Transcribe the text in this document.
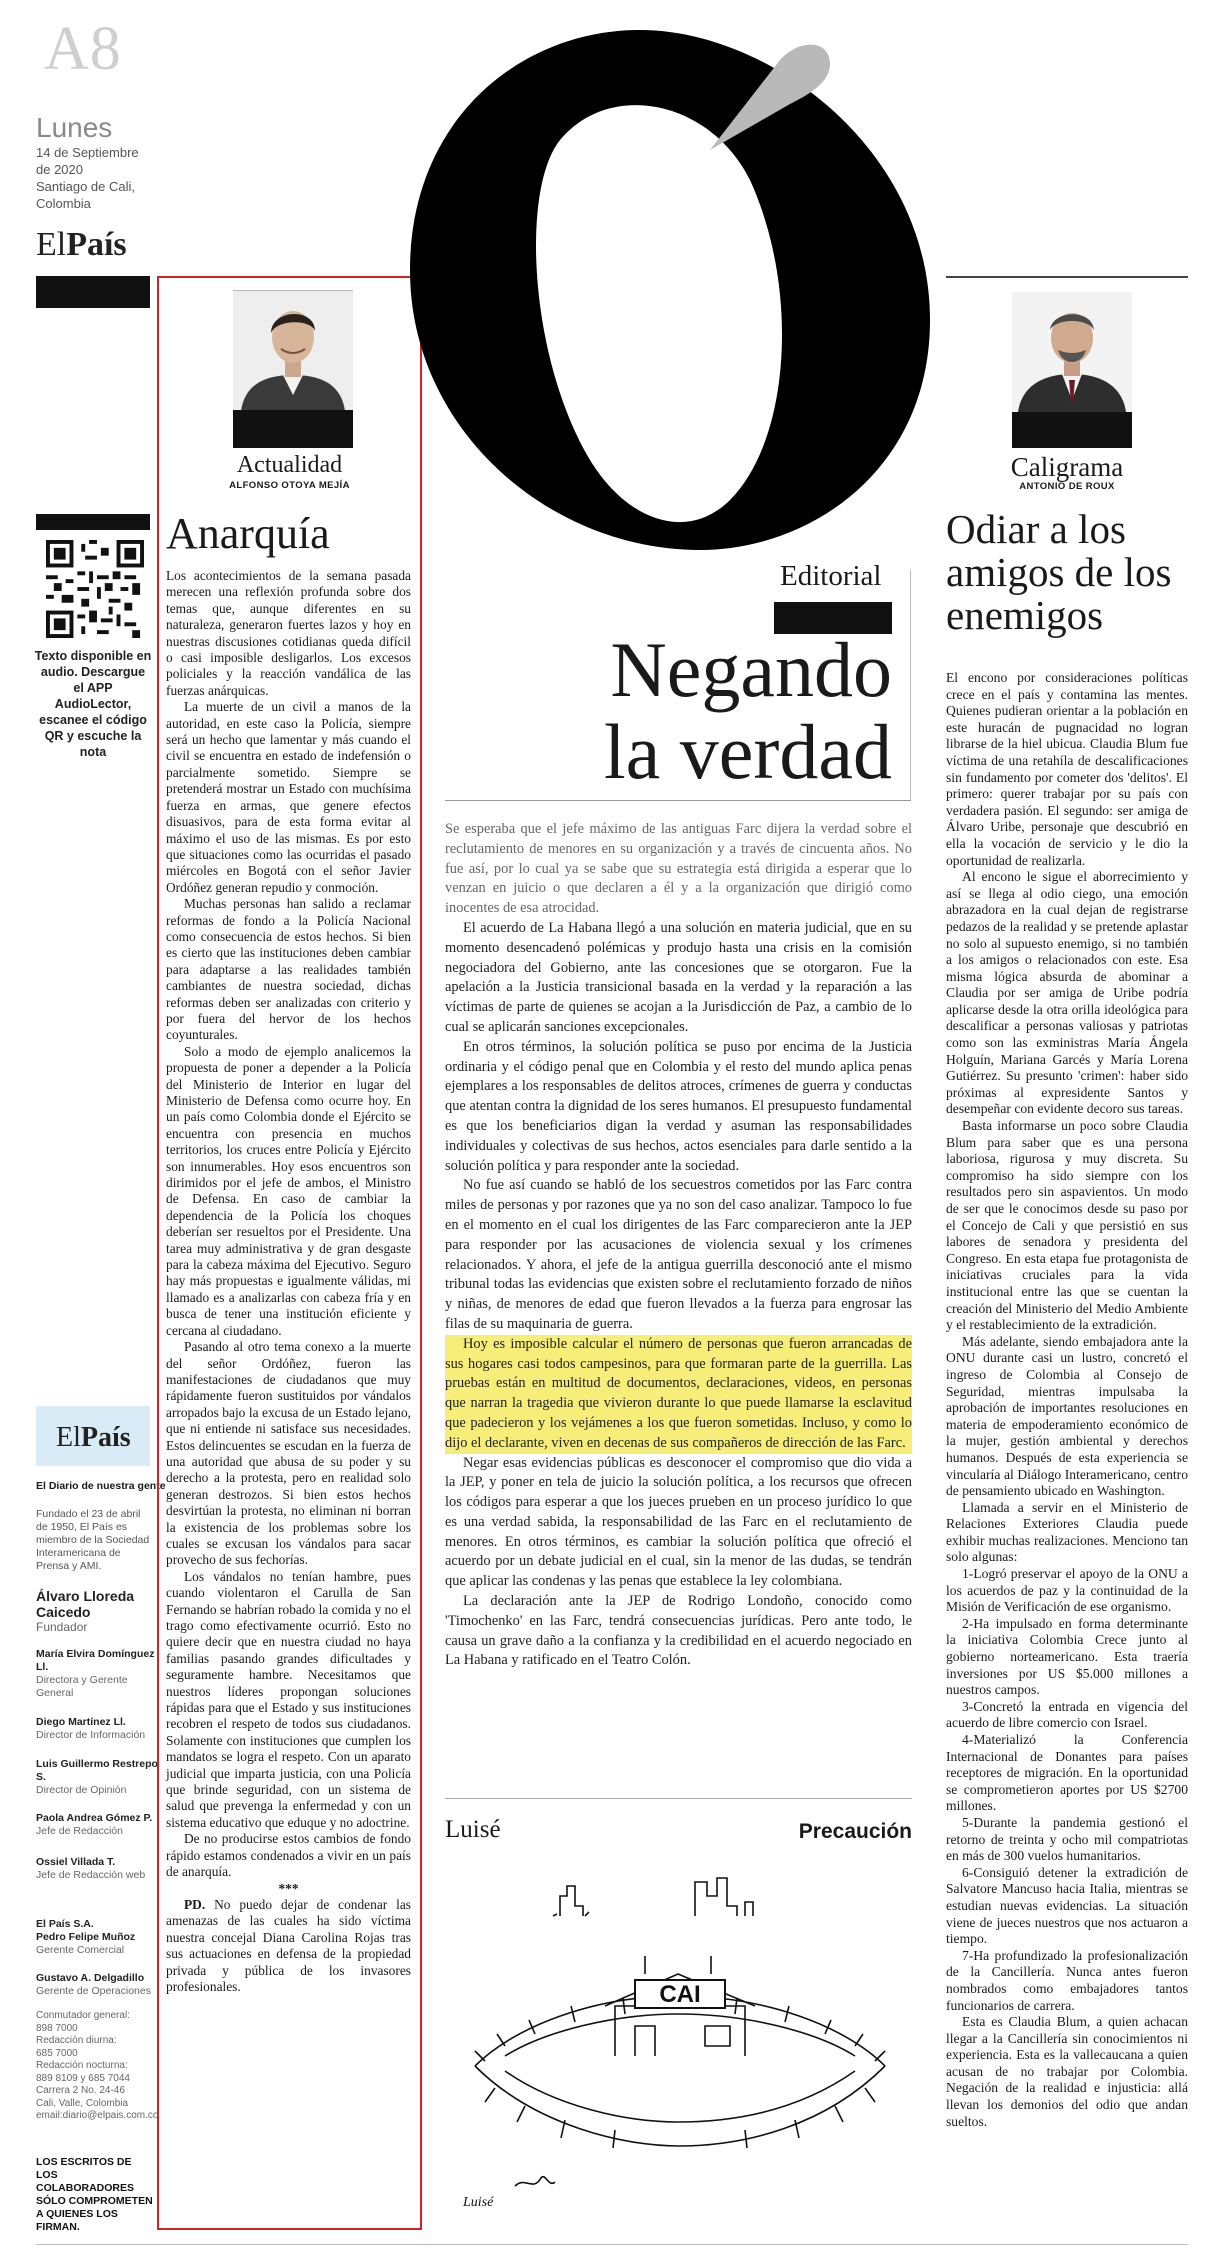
A8
Lunes
14 de Septiembre
de 2020
Santiago de Cali,
Colombia
ElPaís
Texto disponible en audio. Descargue el APP AudioLector, escanee el código QR y escuche la nota
ElPaís
El Diario de nuestra gente
Fundado el 23 de abril de 1950, El País es miembro de la Sociedad Interamericana de Prensa y AMI.
Álvaro Lloreda Caicedo
Fundador
María Elvira Domínguez Ll.
Directora y Gerente General
Diego Martínez Ll.
Director de Información
Luis Guillermo Restrepo S.
Director de Opinión
Paola Andrea Gómez P.
Jefe de Redacción
Ossiel Villada T.
Jefe de Redacción web
El País S.A.
Pedro Felipe Muñoz
Gerente Comercial
Gustavo A. Delgadillo
Gerente de Operaciones
Conmutador general:
898 7000
Redacción diurna:
685 7000
Redacción nocturna:
889 8109 y 685 7044
Carrera 2 No. 24-46
Cali, Valle, Colombia
email:diario@elpais.com.co
LOS ESCRITOS DE LOS COLABORADORES SÓLO COMPROMETEN A QUIENES LOS FIRMAN.
Actualidad
ALFONSO OTOYA MEJÍA
Anarquía

Los acontecimientos de la semana pasada merecen una reflexión profunda sobre dos temas que, aunque diferentes en su naturaleza, generaron fuertes lazos y hoy en nuestras discusiones cotidianas queda difícil o casi imposible desligarlos. Los excesos policiales y la reacción vandálica de las fuerzas anárquicas.

La muerte de un civil a manos de la autoridad, en este caso la Policía, siempre será un hecho que lamentar y más cuando el civil se encuentra en estado de indefensión o parcialmente sometido. Siempre se pretenderá mostrar un Estado con muchísima fuerza en armas, que genere efectos disuasivos, para de esta forma evitar al máximo el uso de las mismas. Es por esto que situaciones como las ocurridas el pasado miércoles en Bogotá con el señor Javier Ordóñez generan repudio y conmoción.

Muchas personas han salido a reclamar reformas de fondo a la Policía Nacional como consecuencia de estos hechos. Si bien es cierto que las instituciones deben cambiar para adaptarse a las realidades también cambiantes de nuestra sociedad, dichas reformas deben ser analizadas con criterio y por fuera del hervor de los hechos coyunturales.

Solo a modo de ejemplo analicemos la propuesta de poner a depender a la Policía del Ministerio de Interior en lugar del Ministerio de Defensa como ocurre hoy. En un país como Colombia donde el Ejército se encuentra con presencia en muchos territorios, los cruces entre Policía y Ejército son innumerables. Hoy esos encuentros son dirimidos por el jefe de ambos, el Ministro de Defensa. En caso de cambiar la dependencia de la Policía los choques deberían ser resueltos por el Presidente. Una tarea muy administrativa y de gran desgaste para la cabeza máxima del Ejecutivo. Seguro hay más propuestas e igualmente válidas, mi llamado es a analizarlas con cabeza fría y en busca de tener una institución eficiente y cercana al ciudadano.

Pasando al otro tema conexo a la muerte del señor Ordóñez, fueron las manifestaciones de ciudadanos que muy rápidamente fueron sustituidos por vándalos arropados bajo la excusa de un Estado lejano, que ni entiende ni satisface sus necesidades. Estos delincuentes se escudan en la fuerza de una autoridad que abusa de su poder y su derecho a la protesta, pero en realidad solo generan destrozos. Si bien estos hechos desvirtúan la protesta, no eliminan ni borran la existencia de los problemas sobre los cuales se excusan los vándalos para sacar provecho de sus fechorías.

Los vándalos no tenían hambre, pues cuando violentaron el Carulla de San Fernando se habrían robado la comida y no el trago como efectivamente ocurrió. Esto no quiere decir que en nuestra ciudad no haya familias pasando grandes dificultades y seguramente hambre. Necesitamos que nuestros líderes propongan soluciones rápidas para que el Estado y sus instituciones recobren el respeto de todos sus ciudadanos. Solamente con instituciones que cumplen los mandatos se logra el respeto. Con un aparato judicial que imparta justicia, con una Policía que brinde seguridad, con un sistema de salud que prevenga la enfermedad y con un sistema educativo que eduque y no adoctrine.

De no producirse estos cambios de fondo rápido estamos condenados a vivir en un país de anarquía.

***

PD. No puedo dejar de condenar las amenazas de las cuales ha sido víctima nuestra concejal Diana Carolina Rojas tras sus actuaciones en defensa de la propiedad privada y pública de los invasores profesionales.

Editorial
Negando
la verdad

Se esperaba que el jefe máximo de las antiguas Farc dijera la verdad sobre el reclutamiento de menores en su organización y a través de cincuenta años. No fue así, por lo cual ya se sabe que su estrategia está dirigida a esperar que lo venzan en juicio o que declaren a él y a la organización que dirigió como inocentes de esa atrocidad.

El acuerdo de La Habana llegó a una solución en materia judicial, que en su momento desencadenó polémicas y produjo hasta una crisis en la comisión negociadora del Gobierno, ante las concesiones que se otorgaron. Fue la apelación a la Justicia transicional basada en la verdad y la reparación a las víctimas de parte de quienes se acojan a la Jurisdicción de Paz, a cambio de lo cual se aplicarán sanciones excepcionales.

En otros términos, la solución política se puso por encima de la Justicia ordinaria y el código penal que en Colombia y el resto del mundo aplica penas ejemplares a los responsables de delitos atroces, crímenes de guerra y conductas que atentan contra la dignidad de los seres humanos. El presupuesto fundamental es que los beneficiarios digan la verdad y asuman las responsabilidades individuales y colectivas de sus hechos, actos esenciales para darle sentido a la solución política y para responder ante la sociedad.

No fue así cuando se habló de los secuestros cometidos por las Farc contra miles de personas y por razones que ya no son del caso analizar. Tampoco lo fue en el momento en el cual los dirigentes de las Farc comparecieron ante la JEP para responder por las acusaciones de violencia sexual y los crímenes relacionados. Y ahora, el jefe de la antigua guerrilla desconoció ante el mismo tribunal todas las evidencias que existen sobre el reclutamiento forzado de niños y niñas, de menores de edad que fueron llevados a la fuerza para engrosar las filas de su maquinaria de guerra.

Hoy es imposible calcular el número de personas que fueron arrancadas de sus hogares casi todos campesinos, para que formaran parte de la guerrilla. Las pruebas están en multitud de documentos, declaraciones, videos, en personas que narran la tragedia que vivieron durante lo que puede llamarse la esclavitud que padecieron y los vejámenes a los que fueron sometidas. Incluso, y como lo dijo el declarante, viven en decenas de sus compañeros de dirección de las Farc.

Negar esas evidencias públicas es desconocer el compromiso que dio vida a la JEP, y poner en tela de juicio la solución política, a los recursos que ofrecen los códigos para esperar a que los jueces prueben en un proceso jurídico lo que es una verdad sabida, la responsabilidad de las Farc en el reclutamiento de menores. En otros términos, es cambiar la solución política que ofreció el acuerdo por un debate judicial en el cual, sin la menor de las dudas, se tendrán que aplicar las condenas y las penas que establece la ley colombiana.

La declaración ante la JEP de Rodrigo Londoño, conocido como 'Timochenko' en las Farc, tendrá consecuencias jurídicas. Pero ante todo, le causa un grave daño a la confianza y la credibilidad en el acuerdo negociado en La Habana y ratificado en el Teatro Colón.

Luisé	Precaución
CAI
Luisé
Caligrama
ANTONIO DE ROUX
Odiar a los amigos de los enemigos

El encono por consideraciones políticas crece en el país y contamina las mentes. Quienes pudieran orientar a la población en este huracán de pugnacidad no logran librarse de la hiel ubicua. Claudia Blum fue víctima de una retahíla de descalificaciones sin fundamento por cometer dos 'delitos'. El primero: querer trabajar por su país con verdadera pasión. El segundo: ser amiga de Álvaro Uribe, personaje que descubrió en ella la vocación de servicio y le dio la oportunidad de realizarla.

Al encono le sigue el aborrecimiento y así se llega al odio ciego, una emoción abrazadora en la cual dejan de registrarse pedazos de la realidad y se pretende aplastar no solo al supuesto enemigo, si no también a los amigos o relacionados con este. Esa misma lógica absurda de abominar a Claudia por ser amiga de Uribe podría aplicarse desde la otra orilla ideológica para descalificar a personas valiosas y patriotas como son las exministras María Ángela Holguín, Mariana Garcés y María Lorena Gutiérrez. Su presunto 'crimen': haber sido próximas al expresidente Santos y desempeñar con evidente decoro sus tareas.

Basta informarse un poco sobre Claudia Blum para saber que es una persona laboriosa, rigurosa y muy discreta. Su compromiso ha sido siempre con los resultados pero sin aspavientos. Un modo de ser que le conocimos desde su paso por el Concejo de Cali y que persistió en sus labores de senadora y presidenta del Congreso. En esta etapa fue protagonista de iniciativas cruciales para la vida institucional entre las que se cuentan la creación del Ministerio del Medio Ambiente y el restablecimiento de la extradición.

Más adelante, siendo embajadora ante la ONU durante casi un lustro, concretó el ingreso de Colombia al Consejo de Seguridad, mientras impulsaba la aprobación de importantes resoluciones en materia de empoderamiento económico de la mujer, gestión ambiental y derechos humanos. Después de esta experiencia se vincularía al Diálogo Interamericano, centro de pensamiento ubicado en Washington.

Llamada a servir en el Ministerio de Relaciones Exteriores Claudia puede exhibir muchas realizaciones. Menciono tan solo algunas:

1-Logró preservar el apoyo de la ONU a los acuerdos de paz y la continuidad de la Misión de Verificación de ese organismo.

2-Ha impulsado en forma determinante la iniciativa Colombia Crece junto al gobierno norteamericano. Esta traería inversiones por US $5.000 millones a nuestros campos.

3-Concretó la entrada en vigencia del acuerdo de libre comercio con Israel.

4-Materializó la Conferencia Internacional de Donantes para países receptores de migración. En la oportunidad se comprometieron aportes por US $2700 millones.

5-Durante la pandemia gestionó el retorno de treinta y ocho mil compatriotas en más de 300 vuelos humanitarios.

6-Consiguió detener la extradición de Salvatore Mancuso hacia Italia, mientras se estudian nuevas evidencias. La situación viene de jueces nuestros que nos actuaron a tiempo.

7-Ha profundizado la profesionalización de la Cancillería. Nunca antes fueron nombrados como embajadores tantos funcionarios de carrera.

Esta es Claudia Blum, a quien achacan llegar a la Cancillería sin conocimientos ni experiencia. Esta es la vallecaucana a quien acusan de no trabajar por Colombia. Negación de la realidad e injusticia: allá llevan los demonios del odio que andan sueltos.
